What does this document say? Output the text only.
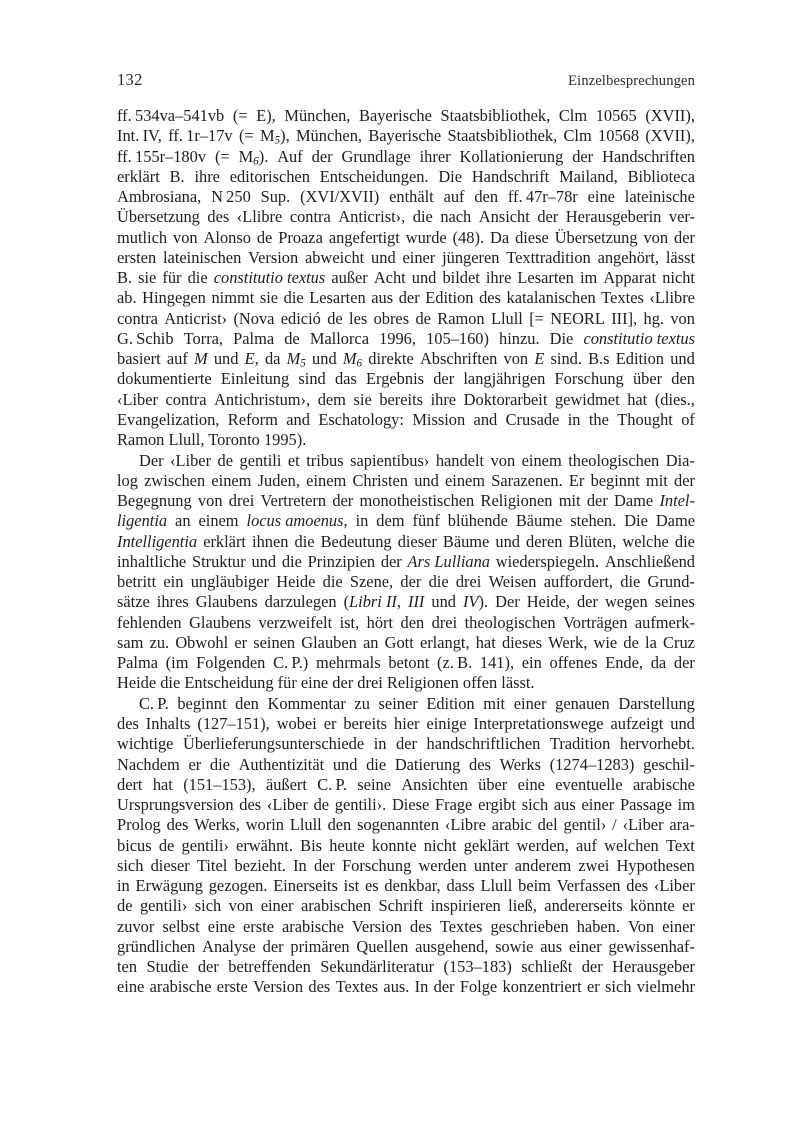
132	Einzelbesprechungen

ff. 534va–541vb (= E), München, Bayerische Staatsbibliothek, Clm 10565 (XVII),
Int. IV, ff. 1r–17v (= $M_5$), München, Bayerische Staatsbibliothek, Clm 10568 (XVII),
ff. 155r–180v (= $M_6$). Auf der Grundlage ihrer Kollationierung der Handschriften
erklärt B. ihre editorischen Entscheidungen. Die Handschrift Mailand, Biblioteca
Ambrosiana, N 250 Sup. (XVI/XVII) enthält auf den ff. 47r–78r eine lateinische
Übersetzung des ‹Llibre contra Anticrist›, die nach Ansicht der Herausgeberin ver-
mutlich von Alonso de Proaza angefertigt wurde (48). Da diese Übersetzung von der
ersten lateinischen Version abweicht und einer jüngeren Texttradition angehört, lässt
B. sie für die constitutio textus außer Acht und bildet ihre Lesarten im Apparat nicht
ab. Hingegen nimmt sie die Lesarten aus der Edition des katalanischen Textes ‹Llibre
contra Anticrist› (Nova edició de les obres de Ramon Llull [= NEORL III], hg. von
G. Schib Torra, Palma de Mallorca 1996, 105–160) hinzu. Die constitutio textus
basiert auf M und E, da $M_5$ und $M_6$ direkte Abschriften von E sind. B.s Edition und
dokumentierte Einleitung sind das Ergebnis der langjährigen Forschung über den
‹Liber contra Antichristum›, dem sie bereits ihre Doktorarbeit gewidmet hat (dies.,
Evangelization, Reform and Eschatology: Mission and Crusade in the Thought of
Ramon Llull, Toronto 1995).

Der ‹Liber de gentili et tribus sapientibus› handelt von einem theologischen Dia-
log zwischen einem Juden, einem Christen und einem Sarazenen. Er beginnt mit der
Begegnung von drei Vertretern der monotheistischen Religionen mit der Dame Intel-
ligentia an einem locus amoenus, in dem fünf blühende Bäume stehen. Die Dame
Intelligentia erklärt ihnen die Bedeutung dieser Bäume und deren Blüten, welche die
inhaltliche Struktur und die Prinzipien der Ars Lulliana wiederspiegeln. Anschließend
betritt ein ungläubiger Heide die Szene, der die drei Weisen auffordert, die Grund-
sätze ihres Glaubens darzulegen (Libri II, III und IV). Der Heide, der wegen seines
fehlenden Glaubens verzweifelt ist, hört den drei theologischen Vorträgen aufmerk-
sam zu. Obwohl er seinen Glauben an Gott erlangt, hat dieses Werk, wie de la Cruz
Palma (im Folgenden C. P.) mehrmals betont (z. B. 141), ein offenes Ende, da der
Heide die Entscheidung für eine der drei Religionen offen lässt.

C. P. beginnt den Kommentar zu seiner Edition mit einer genauen Darstellung
des Inhalts (127–151), wobei er bereits hier einige Interpretationswege aufzeigt und
wichtige Überlieferungsunterschiede in der handschriftlichen Tradition hervorhebt.
Nachdem er die Authentizität und die Datierung des Werks (1274–1283) geschil-
dert hat (151–153), äußert C. P. seine Ansichten über eine eventuelle arabische
Ursprungsversion des ‹Liber de gentili›. Diese Frage ergibt sich aus einer Passage im
Prolog des Werks, worin Llull den sogenannten ‹Libre arabic del gentil› / ‹Liber ara-
bicus de gentili› erwähnt. Bis heute konnte nicht geklärt werden, auf welchen Text
sich dieser Titel bezieht. In der Forschung werden unter anderem zwei Hypothesen
in Erwägung gezogen. Einerseits ist es denkbar, dass Llull beim Verfassen des ‹Liber
de gentili› sich von einer arabischen Schrift inspirieren ließ, andererseits könnte er
zuvor selbst eine erste arabische Version des Textes geschrieben haben. Von einer
gründlichen Analyse der primären Quellen ausgehend, sowie aus einer gewissenhaf-
ten Studie der betreffenden Sekundärliteratur (153–183) schließt der Herausgeber
eine arabische erste Version des Textes aus. In der Folge konzentriert er sich vielmehr
